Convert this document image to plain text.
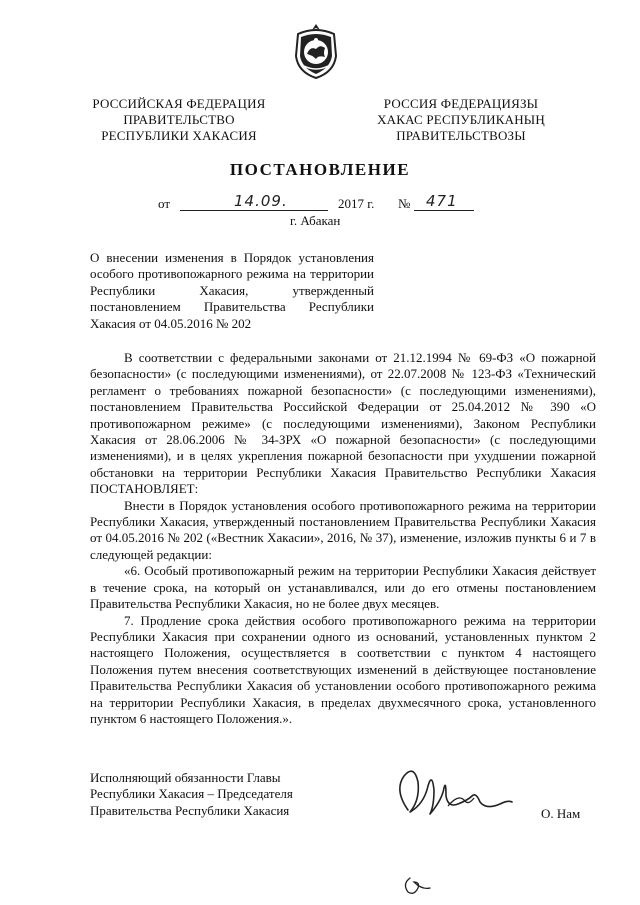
РОССИЙСКАЯ ФЕДЕРАЦИЯ
ПРАВИТЕЛЬСТВО
РЕСПУБЛИКИ ХАКАСИЯ
РОССИЯ ФЕДЕРАЦИЯЗЫ
ХАКАС РЕСПУБЛИКАНЫҢ
ПРАВИТЕЛЬСТВОЗЫ
ПОСТАНОВЛЕНИЕ
от	14.09.	2017 г. № 471
г. Абакан
О внесении изменения в Порядок установления особого противопожарного режима на территории Республики Хакасия, утвержденный постановлением Правительства Республики Хакасия от 04.05.2016 № 202

В соответствии с федеральными законами от 21.12.1994 № 69-ФЗ «О пожарной безопасности» (с последующими изменениями), от 22.07.2008 № 123-ФЗ «Технический регламент о требованиях пожарной безопасности» (с последующими изменениями), постановлением Правительства Российской Федерации от 25.04.2012 № 390 «О противопожарном режиме» (с последующими изменениями), Законом Республики Хакасия от 28.06.2006 № 34-ЗРХ «О пожарной безопасности» (с последующими изменениями), и в целях укрепления пожарной безопасности при ухудшении пожарной обстановки на территории Республики Хакасия Правительство Республики Хакасия ПОСТАНОВЛЯЕТ:

Внести в Порядок установления особого противопожарного режима на территории Республики Хакасия, утвержденный постановлением Правительства Республики Хакасия от 04.05.2016 № 202 («Вестник Хакасии», 2016, № 37), изменение, изложив пункты 6 и 7 в следующей редакции:

«6. Особый противопожарный режим на территории Республики Хакасия действует в течение срока, на который он устанавливался, или до его отмены постановлением Правительства Республики Хакасия, но не более двух месяцев.

7. Продление срока действия особого противопожарного режима на территории Республики Хакасия при сохранении одного из оснований, установленных пунктом 2 настоящего Положения, осуществляется в соответствии с пунктом 4 настоящего Положения путем внесения соответствующих изменений в действующее постановление Правительства Республики Хакасия об установлении особого противопожарного режима на территории Республики Хакасия, в пределах двухмесячного срока, установленного пунктом 6 настоящего Положения.».

Исполняющий обязанности Главы
Республики Хакасия – Председателя
Правительства Республики Хакасия	О. Нам
